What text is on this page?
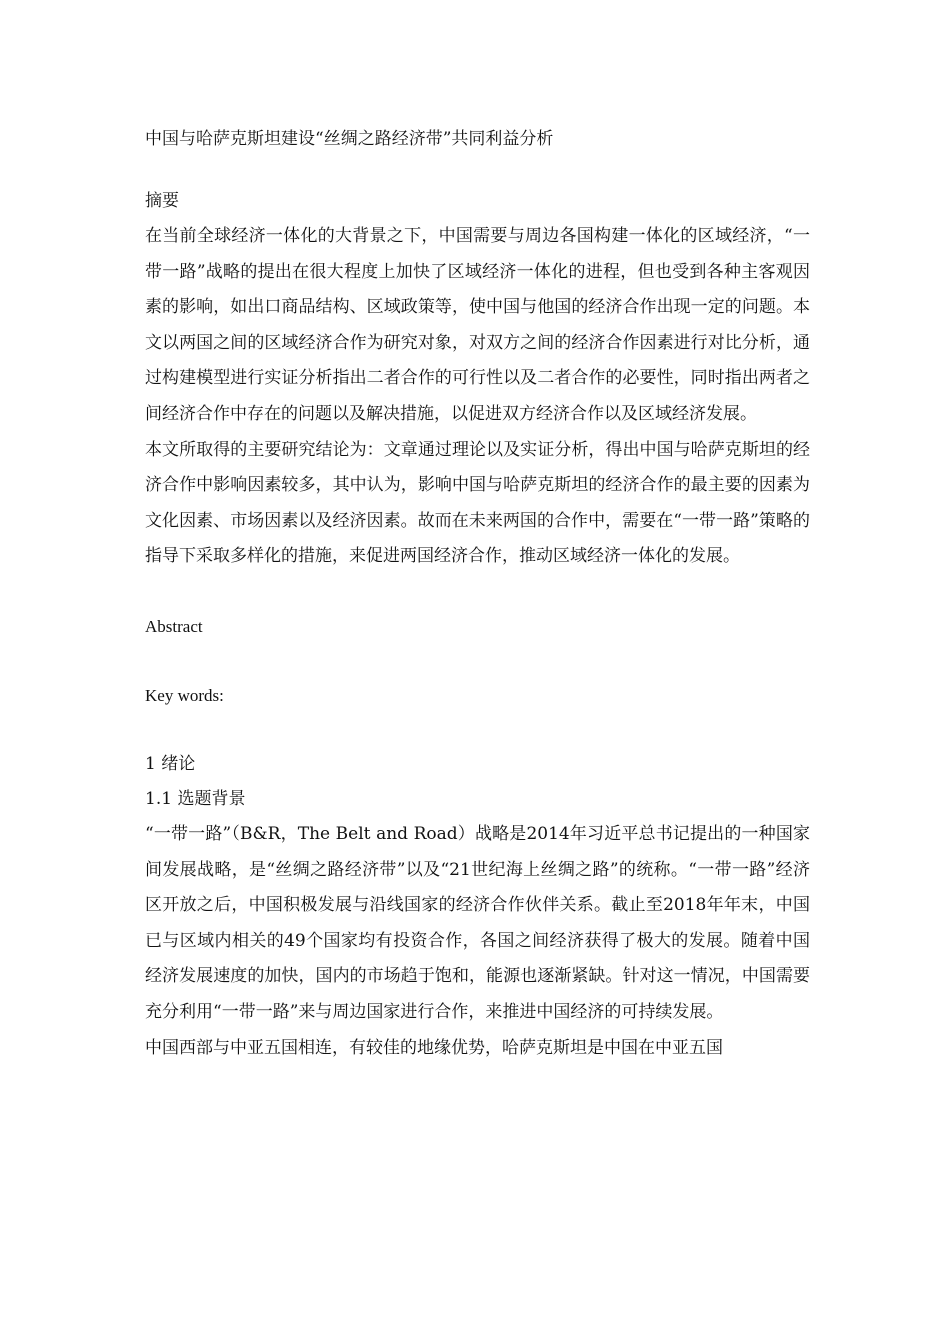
中国与哈萨克斯坦建设“丝绸之路经济带”共同利益分析

摘要

在当前全球经济一体化的大背景之下，中国需要与周边各国构建一体化的区域经济，“一带一路”战略的提出在很大程度上加快了区域经济一体化的进程，但也受到各种主客观因素的影响，如出口商品结构、区域政策等，使中国与他国的经济合作出现一定的问题。本文以两国之间的区域经济合作为研究对象，对双方之间的经济合作因素进行对比分析，通过构建模型进行实证分析指出二者合作的可行性以及二者合作的必要性，同时指出两者之间经济合作中存在的问题以及解决措施，以促进双方经济合作以及区域经济发展。

本文所取得的主要研究结论为：文章通过理论以及实证分析，得出中国与哈萨克斯坦的经济合作中影响因素较多，其中认为，影响中国与哈萨克斯坦的经济合作的最主要的因素为文化因素、市场因素以及经济因素。故而在未来两国的合作中，需要在“一带一路”策略的指导下采取多样化的措施，来促进两国经济合作，推动区域经济一体化的发展。

Abstract

Key words:

1 绪论

1.1 选题背景

“一带一路”（B&R，The Belt and Road）战略是2014年习近平总书记提出的一种国家间发展战略，是“丝绸之路经济带”以及“21世纪海上丝绸之路”的统称。“一带一路”经济区开放之后，中国积极发展与沿线国家的经济合作伙伴关系。截止至2018年年末，中国已与区域内相关的49个国家均有投资合作，各国之间经济获得了极大的发展。随着中国经济发展速度的加快，国内的市场趋于饱和，能源也逐渐紧缺。针对这一情况，中国需要充分利用“一带一路”来与周边国家进行合作，来推进中国经济的可持续发展。

中国西部与中亚五国相连，有较佳的地缘优势，哈萨克斯坦是中国在中亚五国
